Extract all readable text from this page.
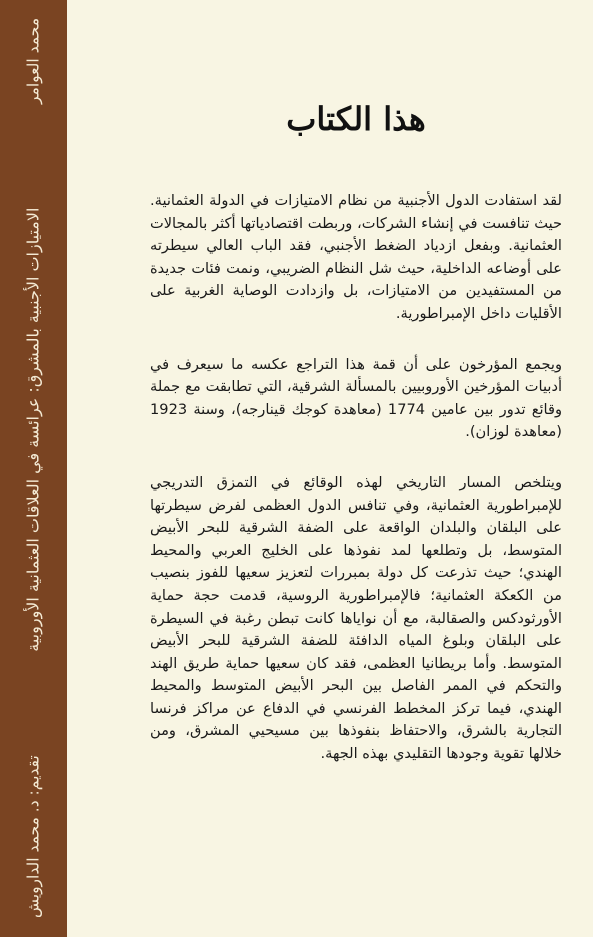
محمد العوامر
الامتيازات الأجنبية بالمشرق: عرائسة في العلاقات العثمانية الأوروبية
تقديم: د. محمد الدارويش
هذا الكتاب

لقد استفادت الدول الأجنبية من نظام الامتيازات في الدولة العثمانية. حيث تنافست في إنشاء الشركات، وربطت اقتصادياتها أكثر بالمجالات العثمانية. وبفعل ازدياد الضغط الأجنبي، فقد الباب العالي سيطرته على أوضاعه الداخلية، حيث شل النظام الضريبي، ونمت فئات جديدة من المستفيدين من الامتيازات، بل وازدادت الوصاية الغربية على الأقليات داخل الإمبراطورية.

ويجمع المؤرخون على أن قمة هذا التراجع عكسه ما سيعرف في أدبيات المؤرخين الأوروبيين بالمسألة الشرقية، التي تطابقت مع جملة وقائع تدور بين عامين 1774 (معاهدة كوجك قينارجه)، وسنة 1923 (معاهدة لوزان).

ويتلخص المسار التاريخي لهذه الوقائع في التمزق التدريجي للإمبراطورية العثمانية، وفي تنافس الدول العظمى لفرض سيطرتها على البلقان والبلدان الواقعة على الضفة الشرقية للبحر الأبيض المتوسط، بل وتطلعها لمد نفوذها على الخليج العربي والمحيط الهندي؛ حيث تذرعت كل دولة بمبررات لتعزيز سعيها للفوز بنصيب من الكعكة العثمانية؛ فالإمبراطورية الروسية، قدمت حجة حماية الأورثودكس والصقالبة، مع أن نواياها كانت تبطن رغبة في السيطرة على البلقان وبلوغ المياه الدافئة للضفة الشرقية للبحر الأبيض المتوسط. وأما بريطانيا العظمى، فقد كان سعيها حماية طريق الهند والتحكم في الممر الفاصل بين البحر الأبيض المتوسط والمحيط الهندي، فيما تركز المخطط الفرنسي في الدفاع عن مراكز فرنسا التجارية بالشرق، والاحتفاظ بنفوذها بين مسيحيي المشرق، ومن خلالها تقوية وجودها التقليدي بهذه الجهة.
